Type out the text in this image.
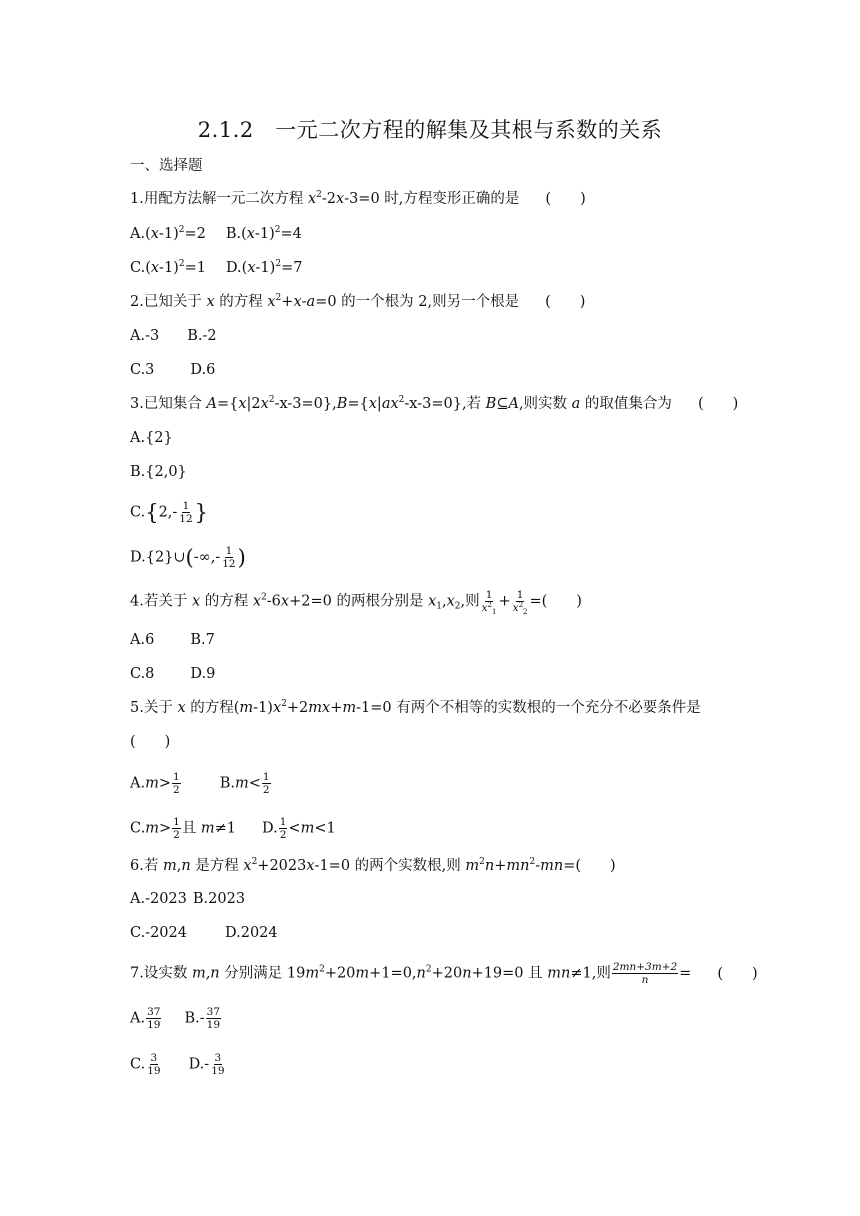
2.1.2　一元二次方程的解集及其根与系数的关系
一、选择题
1.用配方法解一元二次方程 $x^2-2x-3=0$ 时,方程变形正确的是 (　　)
$A.(x-1)^2=2$ $B.(x-1)^2=4$
$C.(x-1)^2=1$ $D.(x-1)^2=7$
2.已知关于 x 的方程 $x^2+x-a=0$ 的一个根为 2,则另一个根是 (　　)
A.-3 B.-2
C.3 D.6
3.已知集合 $A=\{x|2x^2-x-3=0\},B=\{x|ax^2-x-3=0\}$,若 B⊆A,则实数 a 的取值集合为 (　　)
A.{2}
B.{2,0}
$C.\{2,- \frac{1}{12}$ }
D.{2}∪(-∞,- $\frac{1}{12}$ )
4.若关于 x 的方程 $x^2-6x+2=0$ 的两根分别是 $x_1,x_2$,则 $\frac{1}{x^2_1} + \frac{1}{x^2_2}$ =(　　)
A.6 B.7
C.8 D.9
5.关于 x 的方程$(m-1)x^2+2mx+m-1=0$ 有两个不相等的实数根的一个充分不必要条件是
(　　)
$A.m> \frac{1}{2}$	$B.m< \frac{1}{2}$
$C.m> \frac{1}{2}$ 且 m≠1 D. $\frac{1}{2} <m<1$
6.若 m,n 是方程 $x^2+2023x-1=0$ 的两个实数根,则 $m^2n+mn^2-mn=$(　　)
A.-2023 B.2023
C.-2024	D.2024
7.设实数 m,n 分别满足 $19m^2+20m+1=0,n^2+20n+19=0$ 且 mn≠1,则 $\frac{2mn+3m+2}{n}$ = (　　)
A. $\frac{37}{19} B.- \frac{37}{19}$
C. $\frac{3}{19} D.- \frac{3}{19}$
